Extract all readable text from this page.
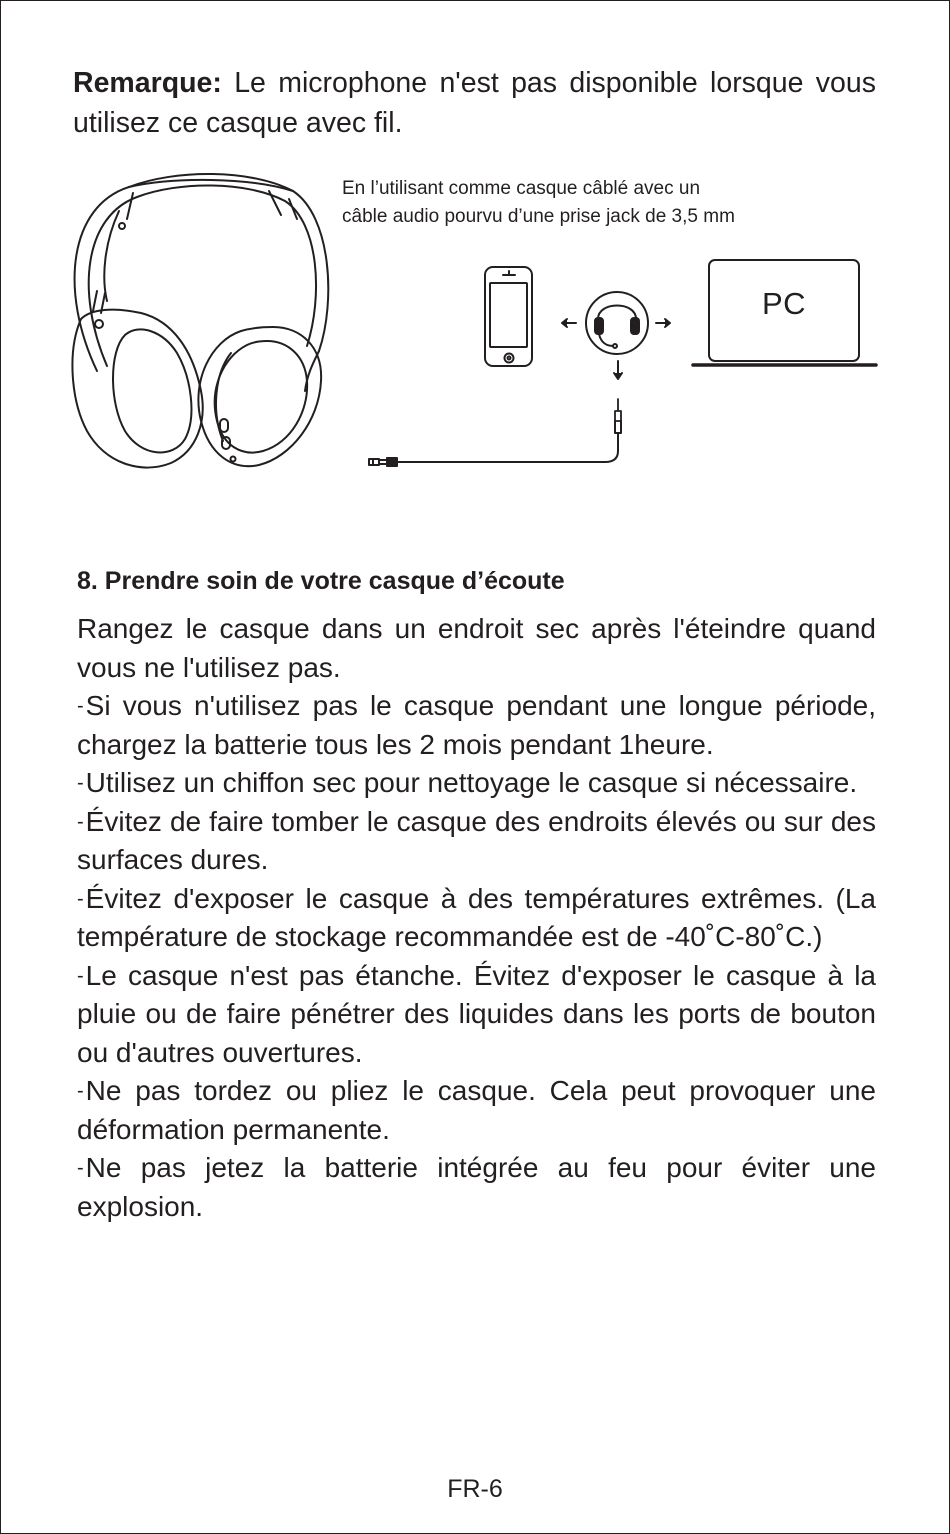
Remarque: Le microphone n'est pas disponible lorsque vous utilisez ce casque avec fil.
En l’utilisant comme casque câblé avec un
câble audio pourvu d’une prise jack de 3,5 mm
PC
8. Prendre soin de votre casque d’écoute

Rangez le casque dans un endroit sec après l'éteindre quand vous ne l'utilisez pas.

-Si vous n'utilisez pas le casque pendant une longue période, chargez la batterie tous les 2 mois pendant 1heure.

-Utilisez un chiffon sec pour nettoyage le casque si nécessaire.

-Évitez de faire tomber le casque des endroits élevés ou sur des surfaces dures.

-Évitez d'exposer le casque à des températures extrêmes. (La température de stockage recommandée est de -40˚C-80˚C.)

-Le casque n'est pas étanche. Évitez d'exposer le casque à la pluie ou de faire pénétrer des liquides dans les ports de bouton ou d'autres ouvertures.

-Ne pas tordez ou pliez le casque. Cela peut provoquer une déformation permanente.

-Ne pas jetez la batterie intégrée au feu pour éviter une explosion.

FR-6
